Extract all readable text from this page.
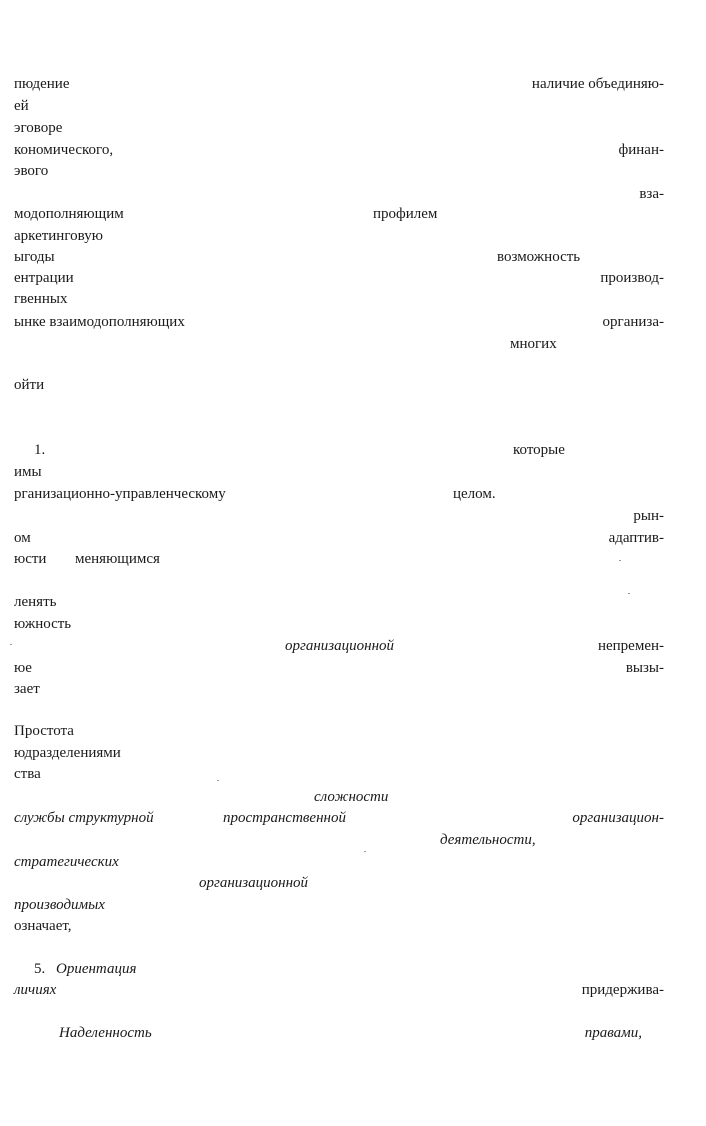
пюдение	наличие объединяю-
ей
эговоре
кономического,	финан-
эвого
вза-
модополняющим	профилем
аркетинговую
ыгоды	возможность
ентрации	производ-
гвенных
ынке взаимодополняющих	организа-
многих
ойти
1.	которые
имы
рганизационно-управленческому	целом.
рын-
ом	адаптив-
юсти меняющимся
ленять
южность
организационной	непремен-
юе	вызы-
зает
Простота
юдразделениями
ства
сложности
службы структурной	пространственной	организацион-
деятельности,
стратегических
организационной
производимых
означает,
5. Ориентация
личиях	придержива-
Наделенность	правами,
